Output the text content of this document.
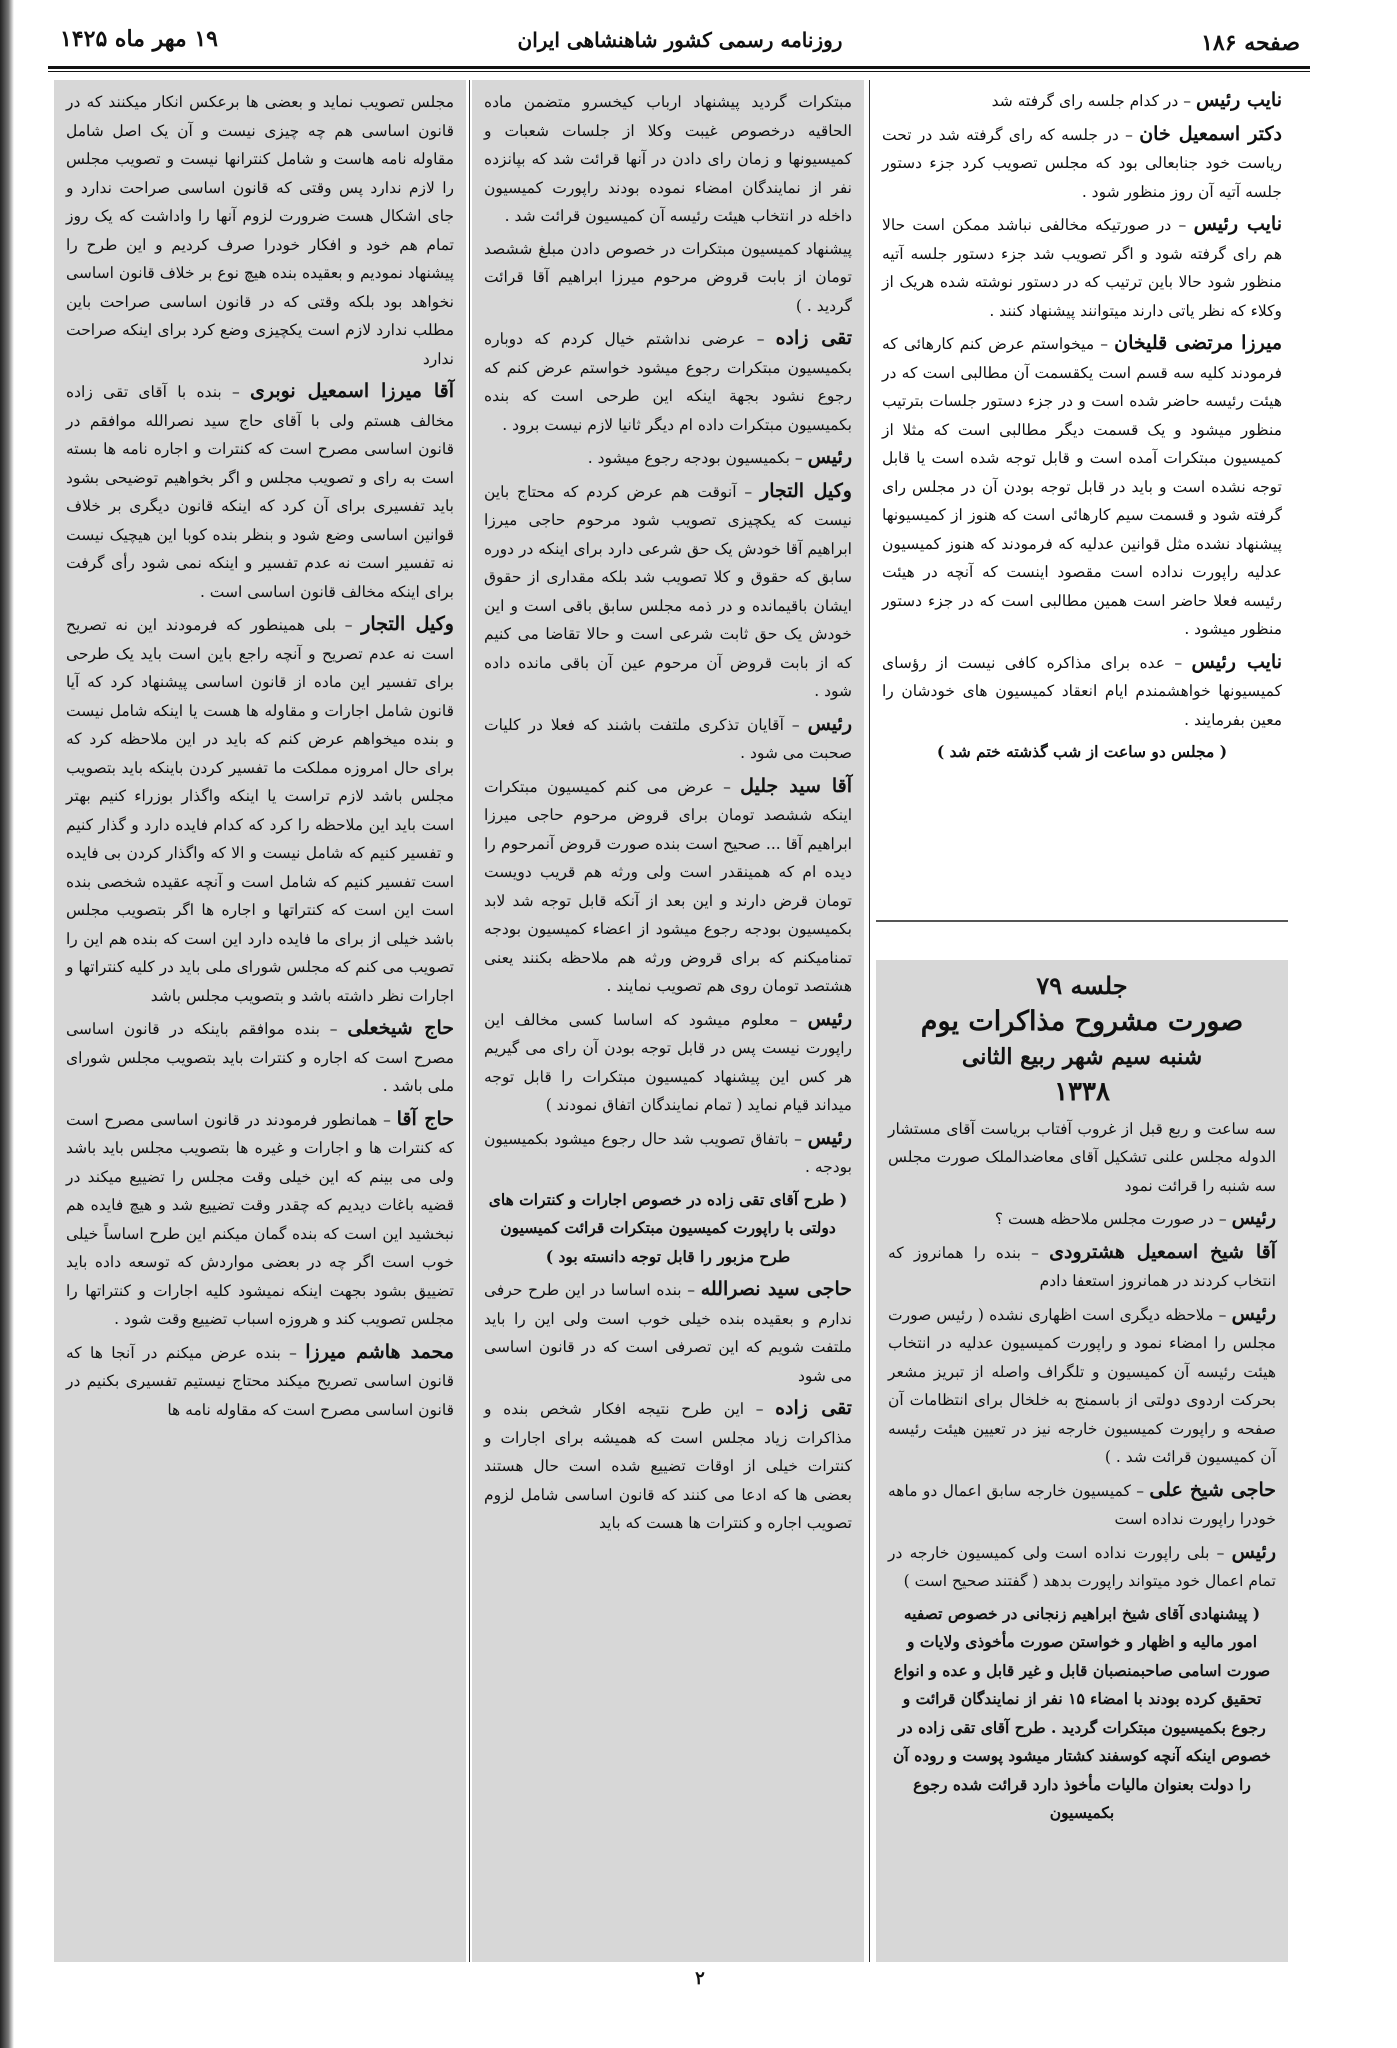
۱۹ مهر ماه ۱۴۲۵	روزنامه رسمی کشور شاهنشاهی ایران	صفحه ۱۸۶

نایب رئیس – در کدام جلسه رای گرفته شد

دکتر اسمعیل خان – در جلسه که رای گرفته شد در تحت ریاست خود جنابعالی بود که مجلس تصویب کرد جزء دستور جلسه آتیه آن روز منظور شود .

نایب رئیس – در صورتیکه مخالفی نباشد ممکن است حالا هم رای گرفته شود و اگر تصویب شد جزء دستور جلسه آتیه منظور شود حالا باین ترتیب که در دستور نوشته شده هریک از وکلاء که نظر یاتی دارند میتوانند پیشنهاد کنند .

میرزا مرتضی قلیخان – میخواستم عرض کنم کارهائی که فرمودند کلیه سه قسم است یکقسمت آن مطالبی است که در هیئت رئیسه حاضر شده است و در جزء دستور جلسات بترتیب منظور میشود و یک قسمت دیگر مطالبی است که مثلا از کمیسیون مبتکرات آمده است و قابل توجه شده است یا قابل توجه نشده است و باید در قابل توجه بودن آن در مجلس رای گرفته شود و قسمت سیم کارهائی است که هنوز از کمیسیونها پیشنهاد نشده مثل قوانین عدلیه که فرمودند که هنوز کمیسیون عدلیه راپورت نداده است مقصود اینست که آنچه در هیئت رئیسه فعلا حاضر است همین مطالبی است که در جزء دستور منظور میشود .

نایب رئیس – عده برای مذاکره کافی نیست از رؤسای کمیسیونها خواهشمندم ایام انعقاد کمیسیون های خودشان را معین بفرمایند .

( مجلس دو ساعت از شب گذشته ختم شد )

جلسه ۷۹

صورت مشروح مذاکرات یوم

شنبه سیم شهر ربیع الثانی

۱۳۳۸

سه ساعت و ربع قبل از غروب آفتاب بریاست آقای مستشار الدوله مجلس علنی تشکیل آقای معاضدالملک صورت مجلس سه شنبه را قرائت نمود

رئیس – در صورت مجلس ملاحظه هست ؟

آقا شیخ اسمعیل هشترودی – بنده را همانروز که انتخاب کردند در همانروز استعفا دادم

رئیس – ملاحظه دیگری است اظهاری نشده ( رئیس صورت مجلس را امضاء نمود و راپورت کمیسیون عدلیه در انتخاب هیئت رئیسه آن کمیسیون و تلگراف واصله از تبریز مشعر بحرکت اردوی دولتی از باسمنج به خلخال برای انتظامات آن صفحه و راپورت کمیسیون خارجه نیز در تعیین هیئت رئیسه آن کمیسیون قرائت شد . )

حاجی شیخ علی – کمیسیون خارجه سابق اعمال دو ماهه خودرا راپورت نداده است

رئیس – بلی راپورت نداده است ولی کمیسیون خارجه در تمام اعمال خود میتواند راپورت بدهد ( گفتند صحیح است )

( پیشنهادی آقای شیخ ابراهیم زنجانی در خصوص تصفیه امور مالیه و اظهار و خواستن صورت مأخوذی ولایات و صورت اسامی صاحبمنصبان قابل و غیر قابل و عده و انواع تحقیق کرده بودند با امضاء ۱۵ نفر از نمایندگان قرائت و رجوع بکمیسیون مبتکرات گردید . طرح آقای تقی زاده در خصوص اینکه آنچه کوسفند کشتار میشود پوست و روده آن را دولت بعنوان مالیات مأخوذ دارد قرائت شده رجوع بکمیسیون

مبتکرات گردید پیشنهاد ارباب کیخسرو متضمن ماده الحاقیه درخصوص غیبت وکلا از جلسات شعبات و کمیسیونها و زمان رای دادن در آنها قرائت شد که بپانزده نفر از نمایندگان امضاء نموده بودند راپورت کمیسیون داخله در انتخاب هیئت رئیسه آن کمیسیون قرائت شد .

پیشنهاد کمیسیون مبتکرات در خصوص دادن مبلغ ششصد تومان از بابت قروض مرحوم میرزا ابراهیم آقا قرائت گردید . )

تقی زاده – عرضی نداشتم خیال کردم که دوباره بکمیسیون مبتکرات رجوع میشود خواستم عرض کنم که رجوع نشود بجهة اینکه این طرحی است که بنده بکمیسیون مبتکرات داده ام دیگر ثانیا لازم نیست برود .

رئیس – بکمیسیون بودجه رجوع میشود .

وکیل التجار – آنوقت هم عرض کردم که محتاج باین نیست که یکچیزی تصویب شود مرحوم حاجی میرزا ابراهیم آقا خودش یک حق شرعی دارد برای اینکه در دوره سابق که حقوق و کلا تصویب شد بلکه مقداری از حقوق ایشان باقیمانده و در ذمه مجلس سابق باقی است و این خودش یک حق ثابت شرعی است و حالا تقاضا می کنیم که از بابت قروض آن مرحوم عین آن باقی مانده داده شود .

رئیس – آقایان تذکری ملتفت باشند که فعلا در کلیات صحبت می شود .

آقا سید جلیل – عرض می کنم کمیسیون مبتکرات اینکه ششصد تومان برای قروض مرحوم حاجی میرزا ابراهیم آقا ... صحیح است بنده صورت قروض آنمرحوم را دیده ام که همینقدر است ولی ورثه هم قریب دویست تومان قرض دارند و این بعد از آنکه قابل توجه شد لابد بکمیسیون بودجه رجوع میشود از اعضاء کمیسیون بودجه تمنامیکنم که برای قروض ورثه هم ملاحظه بکنند یعنی هشتصد تومان روی هم تصویب نمایند .

رئیس – معلوم میشود که اساسا کسی مخالف این راپورت نیست پس در قابل توجه بودن آن رای می گیریم هر کس این پیشنهاد کمیسیون مبتکرات را قابل توجه میداند قیام نماید ( تمام نمایندگان اتفاق نمودند )

رئیس – باتفاق تصویب شد حال رجوع میشود بکمیسیون بودجه .

( طرح آقای تقی زاده در خصوص اجارات و کنترات های دولتی با راپورت کمیسیون مبتکرات قرائت کمیسیون طرح مزبور را قابل توجه دانسته بود )

حاجی سید نصرالله – بنده اساسا در این طرح حرفی ندارم و بعقیده بنده خیلی خوب است ولی این را باید ملتفت شویم که این تصرفی است که در قانون اساسی می شود

تقی زاده – این طرح نتیجه افکار شخص بنده و مذاکرات زیاد مجلس است که همیشه برای اجارات و کنترات خیلی از اوقات تضییع شده است حال هستند بعضی ها که ادعا می کنند که قانون اساسی شامل لزوم تصویب اجاره و کنترات ها هست که باید

مجلس تصویب نماید و بعضی ها برعکس انکار میکنند که در قانون اساسی هم چه چیزی نیست و آن یک اصل شامل مقاوله نامه هاست و شامل کنترانها نیست و تصویب مجلس را لازم ندارد پس وقتی که قانون اساسی صراحت ندارد و جای اشکال هست ضرورت لزوم آنها را واداشت که یک روز تمام هم خود و افکار خودرا صرف کردیم و این طرح را پیشنهاد نمودیم و بعقیده بنده هیچ نوع بر خلاف قانون اساسی نخواهد بود بلکه وقتی که در قانون اساسی صراحت باین مطلب ندارد لازم است یکچیزی وضع کرد برای اینکه صراحت ندارد

آقا میرزا اسمعیل نوبری – بنده با آقای تقی زاده مخالف هستم ولی با آقای حاج سید نصرالله موافقم در قانون اساسی مصرح است که کنترات و اجاره نامه ها بسته است به رای و تصویب مجلس و اگر بخواهیم توضیحی بشود باید تفسیری برای آن کرد که اینکه قانون دیگری بر خلاف قوانین اساسی وضع شود و بنظر بنده کوبا این هیچیک نیست نه تفسیر است نه عدم تفسیر و اینکه نمی شود رأی گرفت برای اینکه مخالف قانون اساسی است .

وکیل التجار – بلی همینطور که فرمودند این نه تصریح است نه عدم تصریح و آنچه راجع باین است باید یک طرحی برای تفسیر این ماده از قانون اساسی پیشنهاد کرد که آیا قانون شامل اجارات و مقاوله ها هست یا اینکه شامل نیست و بنده میخواهم عرض کنم که باید در این ملاحظه کرد که برای حال امروزه مملکت ما تفسیر کردن باینکه باید بتصویب مجلس باشد لازم تراست یا اینکه واگذار بوزراء کنیم بهتر است باید این ملاحظه را کرد که کدام فایده دارد و گذار کنیم و تفسیر کنیم که شامل نیست و الا که واگذار کردن بی فایده است تفسیر کنیم که شامل است و آنچه عقیده شخصی بنده است این است که کنتراتها و اجاره ها اگر بتصویب مجلس باشد خیلی از برای ما فایده دارد این است که بنده هم این را تصویب می کنم که مجلس شورای ملی باید در کلیه کنتراتها و اجارات نظر داشته باشد و بتصویب مجلس باشد

حاج شیخعلی – بنده موافقم باینکه در قانون اساسی مصرح است که اجاره و کنترات باید بتصویب مجلس شورای ملی باشد .

حاج آقا – همانطور فرمودند در قانون اساسی مصرح است که کنترات ها و اجارات و غیره ها بتصویب مجلس باید باشد ولی می بینم که این خیلی وقت مجلس را تضییع میکند در قضیه باغات دیدیم که چقدر وقت تضییع شد و هیچ فایده هم نبخشید این است که بنده گمان میکنم این طرح اساساً خیلی خوب است اگر چه در بعضی مواردش که توسعه داده باید تضییق بشود بجهت اینکه نمیشود کلیه اجارات و کنتراتها را مجلس تصویب کند و هروزه اسباب تضییع وقت شود .

محمد هاشم میرزا – بنده عرض میکنم در آنجا ها که قانون اساسی تصریح میکند محتاج نیستیم تفسیری بکنیم در قانون اساسی مصرح است که مقاوله نامه ها

۲
